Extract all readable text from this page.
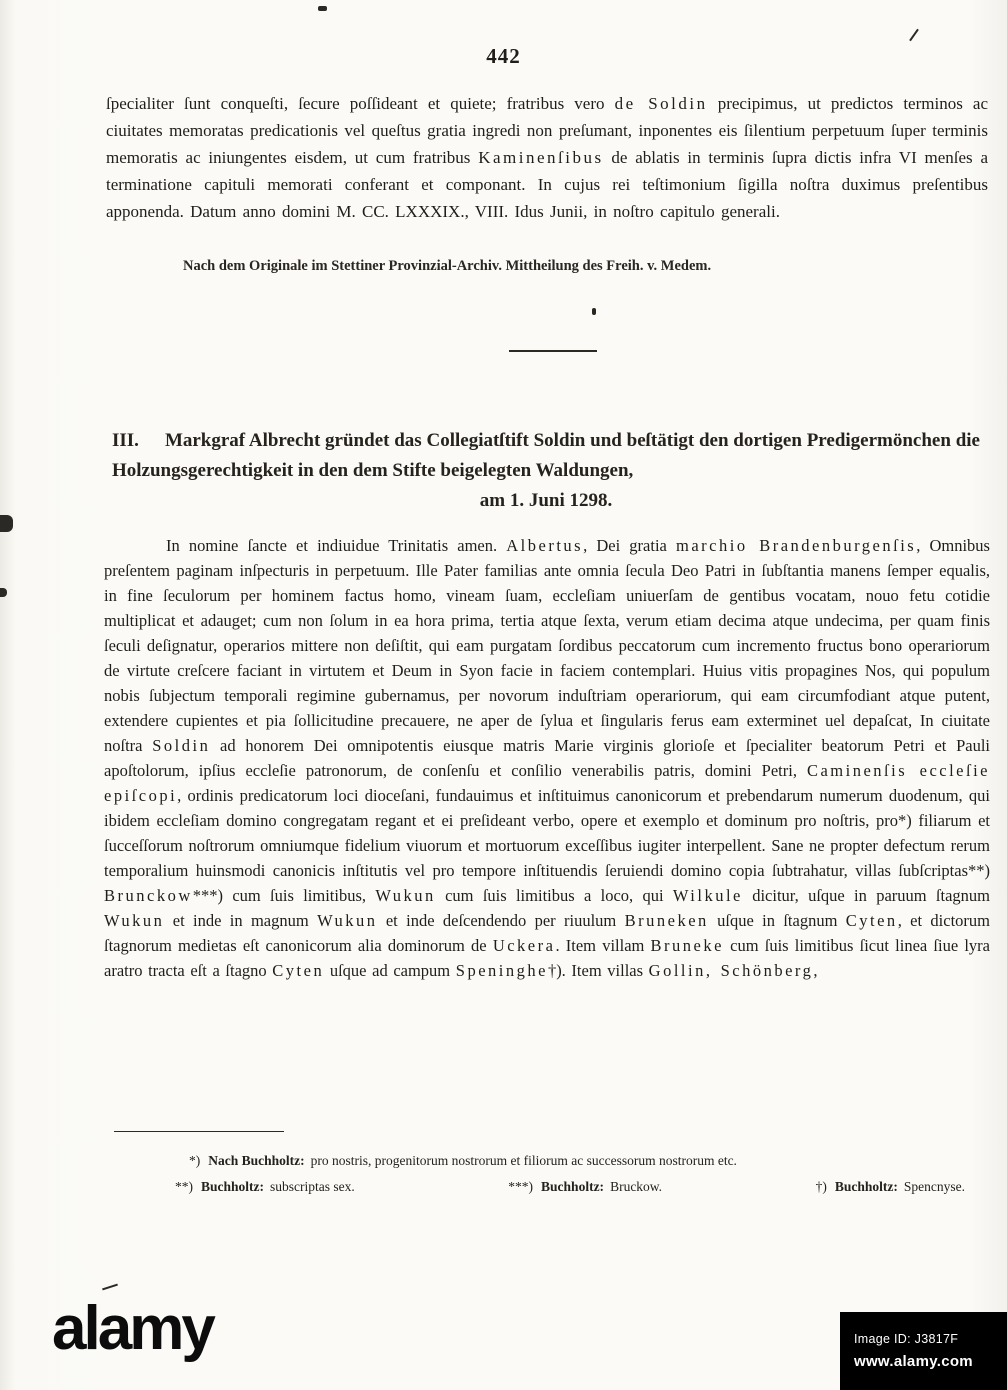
442

ſpecialiter ſunt conqueſti, ſecure poſſideant et quiete; fratribus vero de Soldin precipimus, ut predictos terminos ac ciuitates memoratas predicationis vel queſtus gratia ingredi non preſumant, inponentes eis ſilentium perpetuum ſuper terminis memoratis ac iniungentes eisdem, ut cum fratribus Kaminenſibus de ablatis in terminis ſupra dictis infra VI menſes a terminatione capituli memorati conferant et componant. In cujus rei teſtimonium ſigilla noſtra duximus preſentibus apponenda. Datum anno domini M. CC. LXXXIX., VIII. Idus Junii, in noſtro capitulo generali.

Nach dem Originale im Stettiner Provinzial-Archiv. Mittheilung des Freih. v. Medem.

III. Markgraf Albrecht gründet das Collegiatſtift Soldin und beſtätigt den dortigen Predigermönchen die Holzungsgerechtigkeit in den dem Stifte beigelegten Waldungen,

am 1. Juni 1298.

In nomine ſancte et indiuidue Trinitatis amen. Albertus, Dei gratia marchio Brandenburgenſis, Omnibus preſentem paginam inſpecturis in perpetuum. Ille Pater familias ante omnia ſecula Deo Patri in ſubſtantia manens ſemper equalis, in fine ſeculorum per hominem factus homo, vineam ſuam, eccleſiam uniuerſam de gentibus vocatam, nouo fetu cotidie multiplicat et adauget; cum non ſolum in ea hora prima, tertia atque ſexta, verum etiam decima atque undecima, per quam finis ſeculi deſignatur, operarios mittere non deſiſtit, qui eam purgatam ſordibus peccatorum cum incremento fructus bono operariorum de virtute creſcere faciant in virtutem et Deum in Syon facie in faciem contemplari. Huius vitis propagines Nos, qui populum nobis ſubjectum temporali regimine gubernamus, per novorum induſtriam operariorum, qui eam circumfodiant atque putent, extendere cupientes et pia ſollicitudine precauere, ne aper de ſylua et ſingularis ferus eam exterminet uel depaſcat, In ciuitate noſtra Soldin ad honorem Dei omnipotentis eiusque matris Marie virginis glorioſe et ſpecialiter beatorum Petri et Pauli apoſtolorum, ipſius eccleſie patronorum, de conſenſu et conſilio venerabilis patris, domini Petri, Caminenſis eccleſie epiſcopi, ordinis predicatorum loci dioceſani, fundauimus et inſtituimus canonicorum et prebendarum numerum duodenum, qui ibidem eccleſiam domino congregatam regant et ei preſideant verbo, opere et exemplo et dominum pro noſtris, pro*) filiarum et ſucceſſorum noſtrorum omniumque fidelium viuorum et mortuorum exceſſibus iugiter interpellent. Sane ne propter defectum rerum temporalium huinsmodi canonicis inſtitutis vel pro tempore inſtituendis ſeruiendi domino copia ſubtrahatur, villas ſubſcriptas**) Brunckow***) cum ſuis limitibus, Wukun cum ſuis limitibus a loco, qui Wilkule dicitur, uſque in paruum ſtagnum Wukun et inde in magnum Wukun et inde deſcendendo per riuulum Bruneken uſque in ſtagnum Cyten, et dictorum ſtagnorum medietas eſt canonicorum alia dominorum de Uckera. Item villam Bruneke cum ſuis limitibus ſicut linea ſiue lyra aratro tracta eſt a ſtagno Cyten uſque ad campum Speninghe†). Item villas Gollin, Schönberg,

*) Nach Buchholtz: pro nostris, progenitorum nostrorum et filiorum ac successorum nostrorum etc.
**) Buchholtz: subscriptas sex.	***) Buchholtz: Bruckow.	†) Buchholtz: Spencnyse.
alamy	Image ID: J3817F
www.alamy.com
